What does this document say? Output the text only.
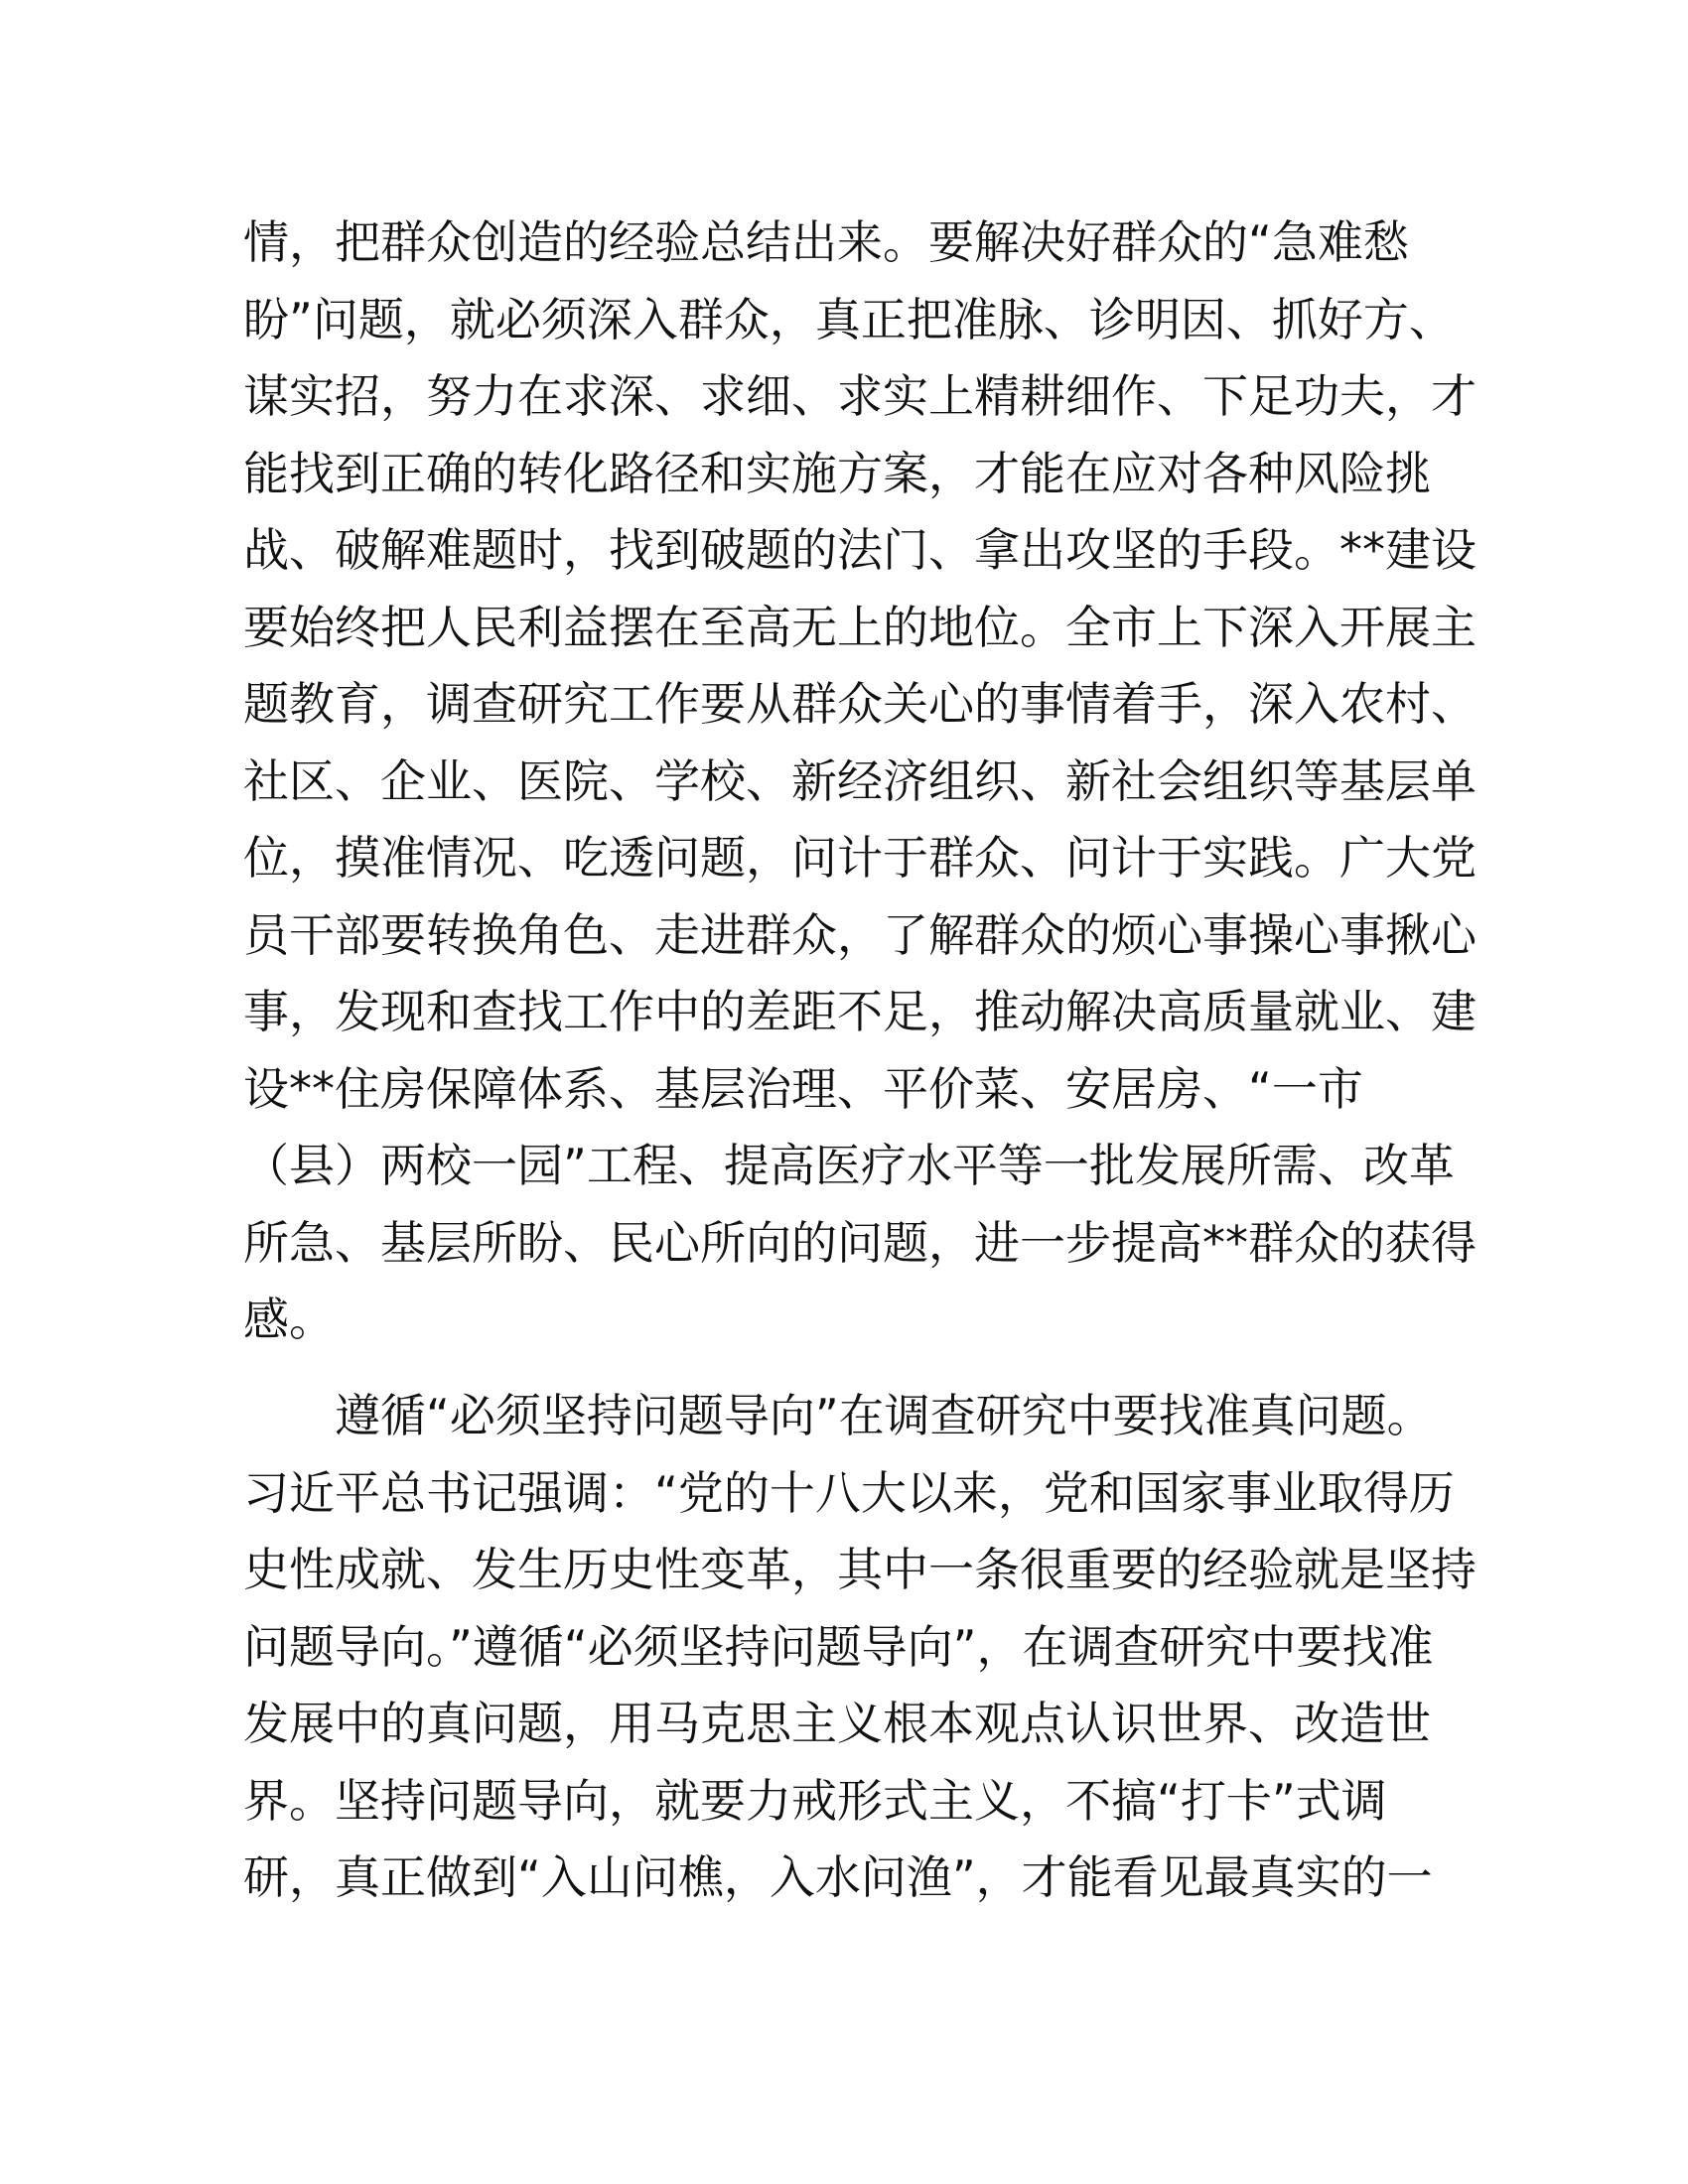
情，把群众创造的经验总结出来。要解决好群众的“急难愁
盼”问题，就必须深入群众，真正把准脉、诊明因、抓好方、
谋实招，努力在求深、求细、求实上精耕细作、下足功夫，才
能找到正确的转化路径和实施方案，才能在应对各种风险挑
战、破解难题时，找到破题的法门、拿出攻坚的手段。**建设
要始终把人民利益摆在至高无上的地位。全市上下深入开展主
题教育，调查研究工作要从群众关心的事情着手，深入农村、
社区、企业、医院、学校、新经济组织、新社会组织等基层单
位，摸准情况、吃透问题，问计于群众、问计于实践。广大党
员干部要转换角色、走进群众，了解群众的烦心事操心事揪心
事，发现和查找工作中的差距不足，推动解决高质量就业、建
设**住房保障体系、基层治理、平价菜、安居房、“一市
（县）两校一园”工程、提高医疗水平等一批发展所需、改革
所急、基层所盼、民心所向的问题，进一步提高**群众的获得
感。
遵循“必须坚持问题导向”在调查研究中要找准真问题。
习近平总书记强调：“党的十八大以来，党和国家事业取得历
史性成就、发生历史性变革，其中一条很重要的经验就是坚持
问题导向。”遵循“必须坚持问题导向”，在调查研究中要找准
发展中的真问题，用马克思主义根本观点认识世界、改造世
界。坚持问题导向，就要力戒形式主义，不搞“打卡”式调
研，真正做到“入山问樵，入水问渔”，才能看见最真实的一
